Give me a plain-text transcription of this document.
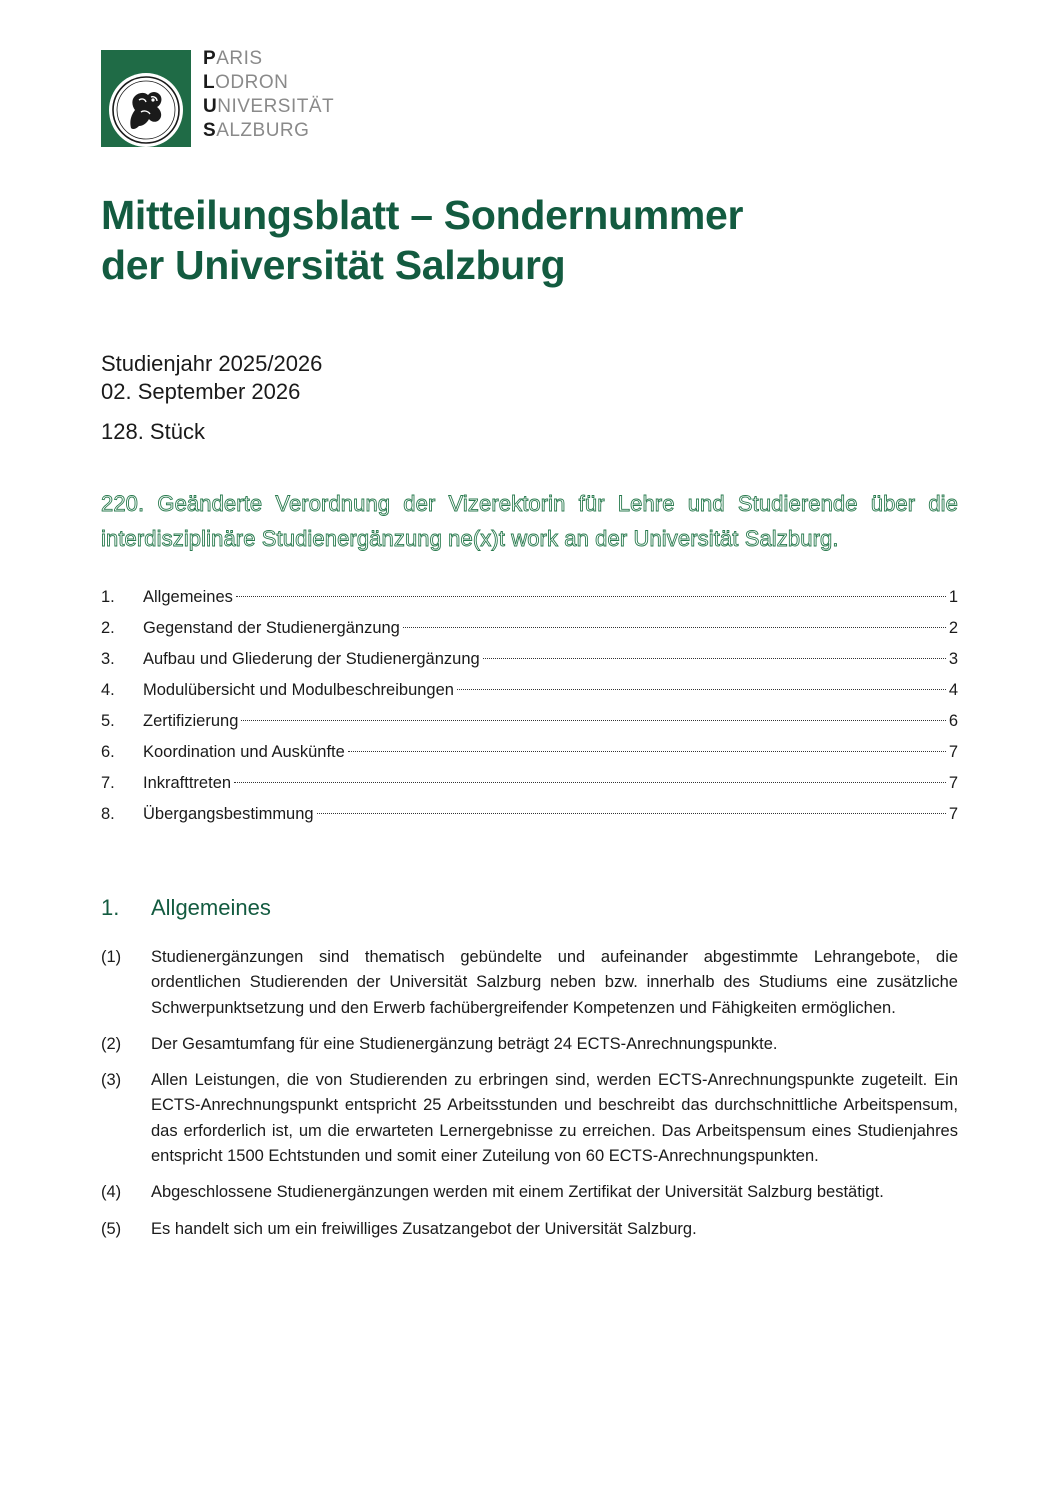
PARIS
LODRON
UNIVERSITÄT
SALZBURG
Mitteilungsblatt – Sondernummer
der Universität Salzburg
Studienjahr 2025/2026
02. September 2026
128. Stück
220. Geänderte Verordnung der Vizerektorin für Lehre und Studierende über die interdisziplinäre Studienergänzung ne(x)t work an der Universität Salzburg.
1.	Allgemeines	1
2.	Gegenstand der Studienergänzung	2
3.	Aufbau und Gliederung der Studienergänzung	3
4.	Modulübersicht und Modulbeschreibungen	4
5.	Zertifizierung	6
6.	Koordination und Auskünfte	7
7.	Inkrafttreten	7
8.	Übergangsbestimmung	7
1. Allgemeines
(1)	Studienergänzungen sind thematisch gebündelte und aufeinander abgestimmte Lehrangebote, die ordentlichen Studierenden der Universität Salzburg neben bzw. innerhalb des Studiums eine zusätzliche Schwerpunktsetzung und den Erwerb fachübergreifender Kompetenzen und Fähigkeiten ermöglichen.
(2)	Der Gesamtumfang für eine Studienergänzung beträgt 24 ECTS-Anrechnungspunkte.
(3)	Allen Leistungen, die von Studierenden zu erbringen sind, werden ECTS-Anrechnungspunkte zugeteilt. Ein ECTS-Anrechnungspunkt entspricht 25 Arbeitsstunden und beschreibt das durchschnittliche Arbeitspensum, das erforderlich ist, um die erwarteten Lernergebnisse zu erreichen. Das Arbeitspensum eines Studienjahres entspricht 1500 Echtstunden und somit einer Zuteilung von 60 ECTS-Anrechnungspunkten.
(4)	Abgeschlossene Studienergänzungen werden mit einem Zertifikat der Universität Salzburg bestätigt.
(5)	Es handelt sich um ein freiwilliges Zusatzangebot der Universität Salzburg.
